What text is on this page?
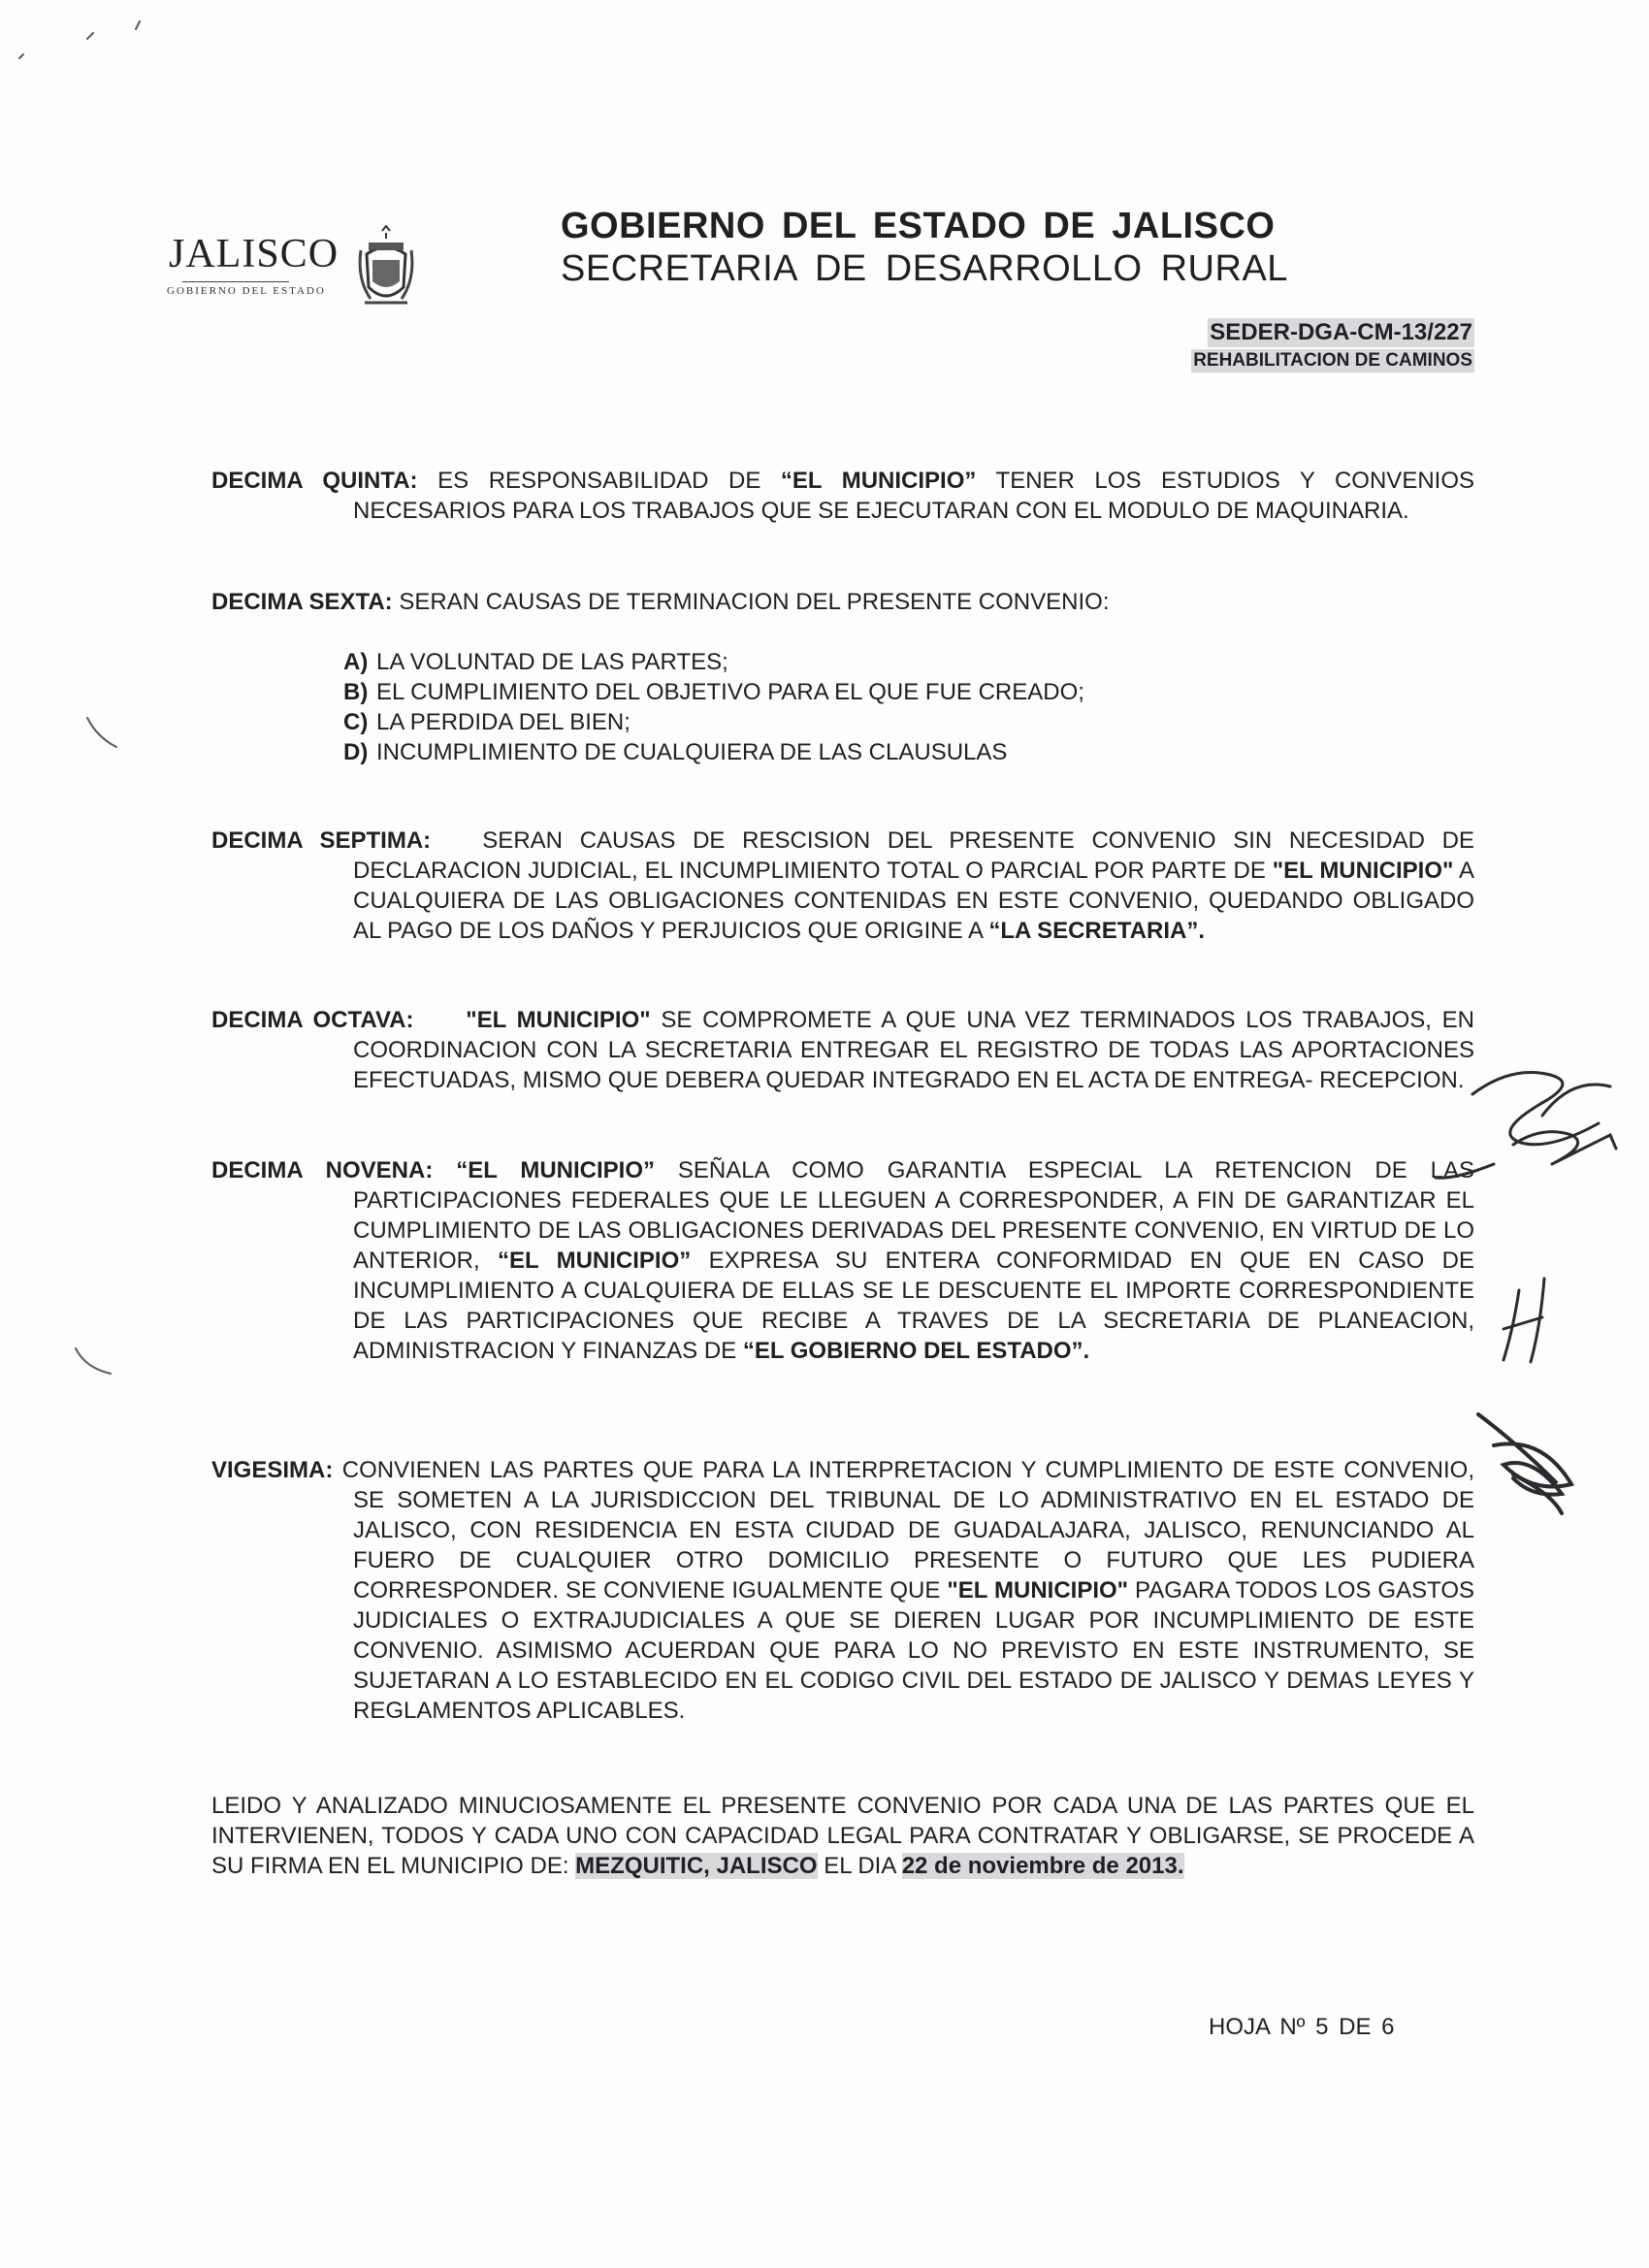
JALISCO
GOBIERNO DEL ESTADO
GOBIERNO DEL ESTADO DE JALISCO
SECRETARIA DE DESARROLLO RURAL
SEDER-DGA-CM-13/227
REHABILITACION DE CAMINOS
DECIMA QUINTA: ES RESPONSABILIDAD DE “EL MUNICIPIO” TENER LOS ESTUDIOS Y CONVENIOS NECESARIOS PARA LOS TRABAJOS QUE SE EJECUTARAN CON EL MODULO DE MAQUINARIA.
DECIMA SEXTA: SERAN CAUSAS DE TERMINACION DEL PRESENTE CONVENIO:
A) LA VOLUNTAD DE LAS PARTES;
B) EL CUMPLIMIENTO DEL OBJETIVO PARA EL QUE FUE CREADO;
C) LA PERDIDA DEL BIEN;
D) INCUMPLIMIENTO DE CUALQUIERA DE LAS CLAUSULAS
DECIMA SEPTIMA: SERAN CAUSAS DE RESCISION DEL PRESENTE CONVENIO SIN NECESIDAD DE DECLARACION JUDICIAL, EL INCUMPLIMIENTO TOTAL O PARCIAL POR PARTE DE "EL MUNICIPIO" A CUALQUIERA DE LAS OBLIGACIONES CONTENIDAS EN ESTE CONVENIO, QUEDANDO OBLIGADO AL PAGO DE LOS DAÑOS Y PERJUICIOS QUE ORIGINE A “LA SECRETARIA”.
DECIMA OCTAVA: "EL MUNICIPIO" SE COMPROMETE A QUE UNA VEZ TERMINADOS LOS TRABAJOS, EN COORDINACION CON LA SECRETARIA ENTREGAR EL REGISTRO DE TODAS LAS APORTACIONES EFECTUADAS, MISMO QUE DEBERA QUEDAR INTEGRADO EN EL ACTA DE ENTREGA- RECEPCION.
DECIMA NOVENA: “EL MUNICIPIO” SEÑALA COMO GARANTIA ESPECIAL LA RETENCION DE LAS PARTICIPACIONES FEDERALES QUE LE LLEGUEN A CORRESPONDER, A FIN DE GARANTIZAR EL CUMPLIMIENTO DE LAS OBLIGACIONES DERIVADAS DEL PRESENTE CONVENIO, EN VIRTUD DE LO ANTERIOR, “EL MUNICIPIO” EXPRESA SU ENTERA CONFORMIDAD EN QUE EN CASO DE INCUMPLIMIENTO A CUALQUIERA DE ELLAS SE LE DESCUENTE EL IMPORTE CORRESPONDIENTE DE LAS PARTICIPACIONES QUE RECIBE A TRAVES DE LA SECRETARIA DE PLANEACION, ADMINISTRACION Y FINANZAS DE “EL GOBIERNO DEL ESTADO”.
VIGESIMA: CONVIENEN LAS PARTES QUE PARA LA INTERPRETACION Y CUMPLIMIENTO DE ESTE CONVENIO, SE SOMETEN A LA JURISDICCION DEL TRIBUNAL DE LO ADMINISTRATIVO EN EL ESTADO DE JALISCO, CON RESIDENCIA EN ESTA CIUDAD DE GUADALAJARA, JALISCO, RENUNCIANDO AL FUERO DE CUALQUIER OTRO DOMICILIO PRESENTE O FUTURO QUE LES PUDIERA CORRESPONDER. SE CONVIENE IGUALMENTE QUE "EL MUNICIPIO" PAGARA TODOS LOS GASTOS JUDICIALES O EXTRAJUDICIALES A QUE SE DIEREN LUGAR POR INCUMPLIMIENTO DE ESTE CONVENIO. ASIMISMO ACUERDAN QUE PARA LO NO PREVISTO EN ESTE INSTRUMENTO, SE SUJETARAN A LO ESTABLECIDO EN EL CODIGO CIVIL DEL ESTADO DE JALISCO Y DEMAS LEYES Y REGLAMENTOS APLICABLES.
LEIDO Y ANALIZADO MINUCIOSAMENTE EL PRESENTE CONVENIO POR CADA UNA DE LAS PARTES QUE EL INTERVIENEN, TODOS Y CADA UNO CON CAPACIDAD LEGAL PARA CONTRATAR Y OBLIGARSE, SE PROCEDE A SU FIRMA EN EL MUNICIPIO DE: MEZQUITIC, JALISCO EL DIA 22 de noviembre de 2013.
HOJA Nº 5 DE 6
